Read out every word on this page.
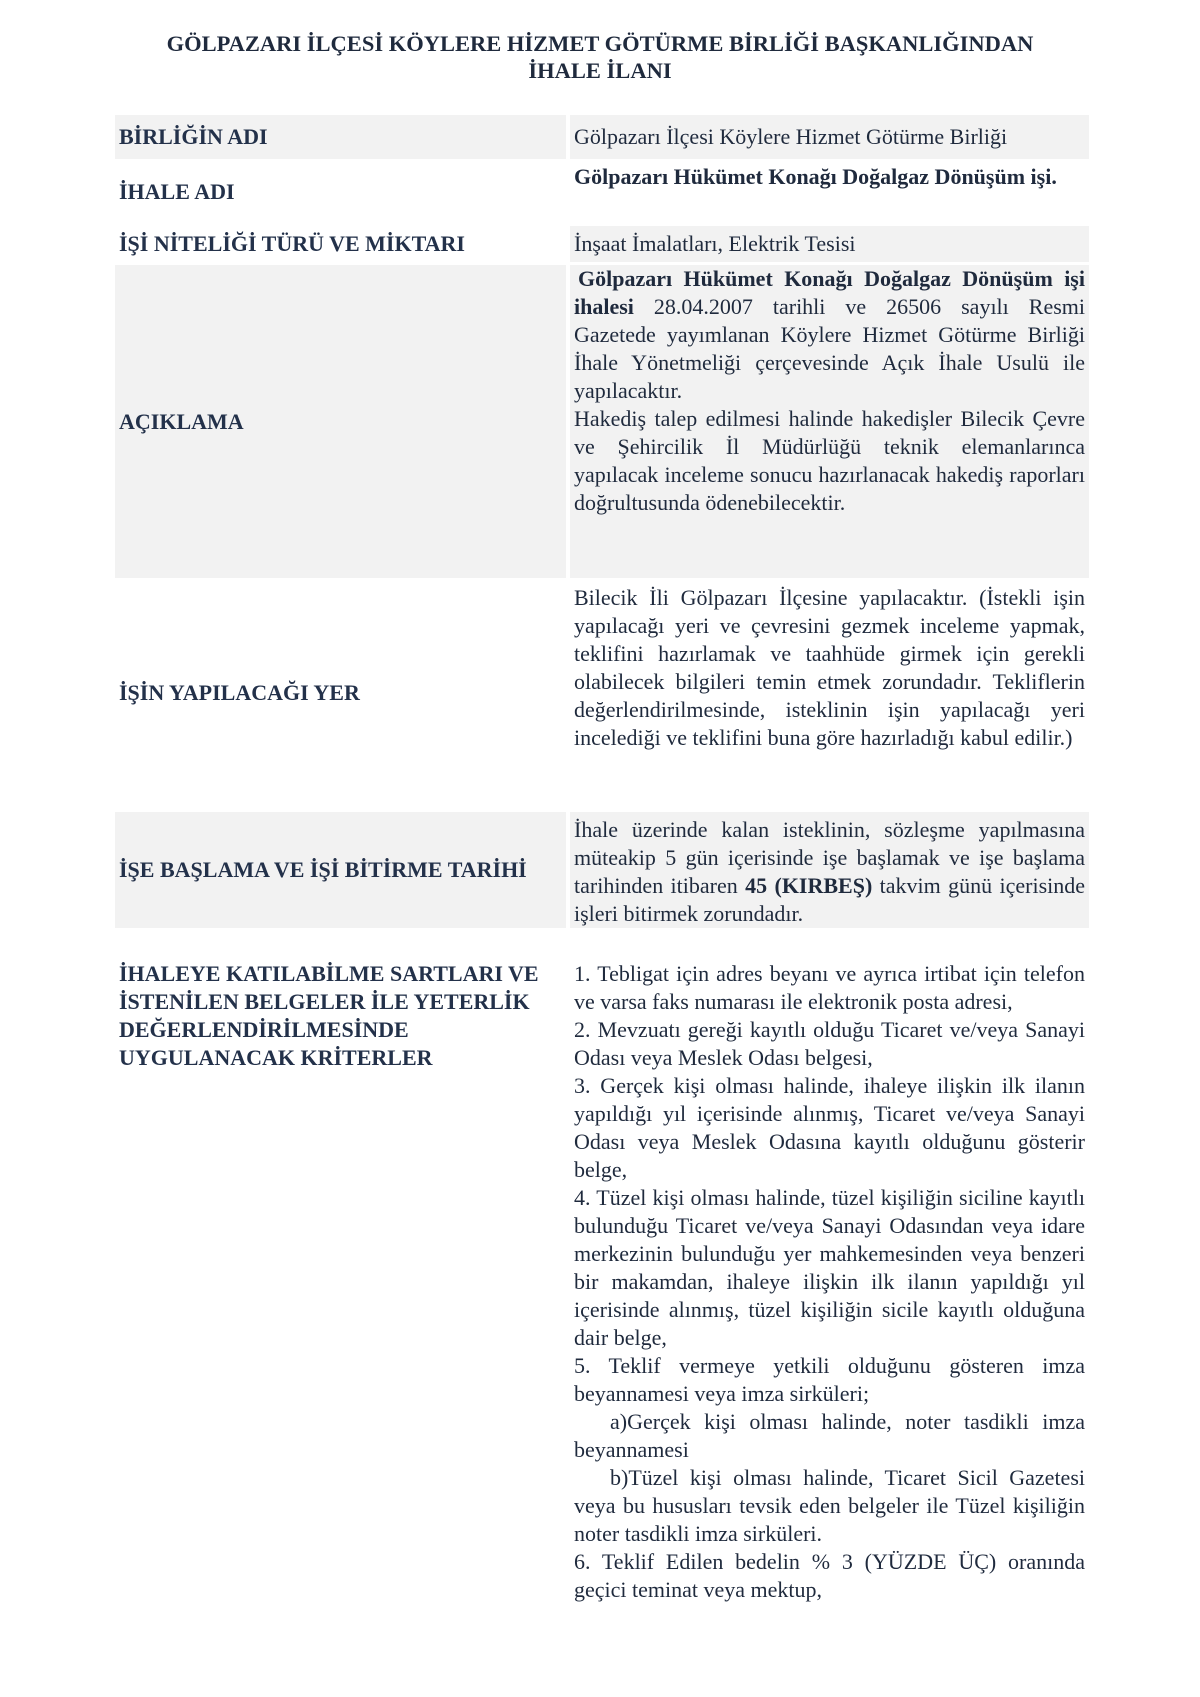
GÖLPAZARI İLÇESİ KÖYLERE HİZMET GÖTÜRME BİRLİĞİ BAŞKANLIĞINDAN
İHALE İLANI
BİRLİĞİN ADI	Gölpazarı İlçesi Köylere Hizmet Götürme Birliği
İHALE ADI
Gölpazarı Hükümet Konağı Doğalgaz Dönüşüm işi.
İŞİ NİTELİĞİ TÜRÜ VE MİKTARI	İnşaat İmalatları, Elektrik Tesisi
AÇIKLAMA

Gölpazarı Hükümet Konağı Doğalgaz Dönüşüm işi ihalesi 28.04.2007 tarihli ve 26506 sayılı Resmi Gazetede yayımlanan Köylere Hizmet Götürme Birliği İhale Yönetmeliği çerçevesinde Açık İhale Usulü ile yapılacaktır.

Hakediş talep edilmesi halinde hakedişler Bilecik Çevre ve Şehircilik İl Müdürlüğü teknik elemanlarınca yapılacak inceleme sonucu hazırlanacak hakediş raporları doğrultusunda ödenebilecektir.

İŞİN YAPILACAĞI YER
Bilecik İli Gölpazarı İlçesine yapılacaktır. (İstekli işin yapılacağı yeri ve çevresini gezmek inceleme yapmak, teklifini hazırlamak ve taahhüde girmek için gerekli olabilecek bilgileri temin etmek zorundadır. Tekliflerin değerlendirilmesinde, isteklinin işin yapılacağı yeri incelediği ve teklifini buna göre hazırladığı kabul edilir.)
İŞE BAŞLAMA VE İŞİ BİTİRME TARİHİ
İhale üzerinde kalan isteklinin, sözleşme yapılmasına müteakip 5 gün içerisinde işe başlamak ve işe başlama tarihinden itibaren 45 (KIRBEŞ) takvim günü içerisinde işleri bitirmek zorundadır.
İHALEYE KATILABİLME SARTLARI VE İSTENİLEN BELGELER İLE YETERLİK DEĞERLENDİRİLMESİNDE UYGULANACAK KRİTERLER

1. Tebligat için adres beyanı ve ayrıca irtibat için telefon ve varsa faks numarası ile elektronik posta adresi,

2. Mevzuatı gereği kayıtlı olduğu Ticaret ve/veya Sanayi Odası veya Meslek Odası belgesi,

3. Gerçek kişi olması halinde, ihaleye ilişkin ilk ilanın yapıldığı yıl içerisinde alınmış, Ticaret ve/veya Sanayi Odası veya Meslek Odasına kayıtlı olduğunu gösterir belge,

4. Tüzel kişi olması halinde, tüzel kişiliğin siciline kayıtlı bulunduğu Ticaret ve/veya Sanayi Odasından veya idare merkezinin bulunduğu yer mahkemesinden veya benzeri bir makamdan, ihaleye ilişkin ilk ilanın yapıldığı yıl içerisinde alınmış, tüzel kişiliğin sicile kayıtlı olduğuna dair belge,

5. Teklif vermeye yetkili olduğunu gösteren imza beyannamesi veya imza sirküleri;

a)Gerçek kişi olması halinde, noter tasdikli imza beyannamesi

b)Tüzel kişi olması halinde, Ticaret Sicil Gazetesi veya bu hususları tevsik eden belgeler ile Tüzel kişiliğin noter tasdikli imza sirküleri.

6. Teklif Edilen bedelin % 3 (YÜZDE ÜÇ) oranında geçici teminat veya mektup,
